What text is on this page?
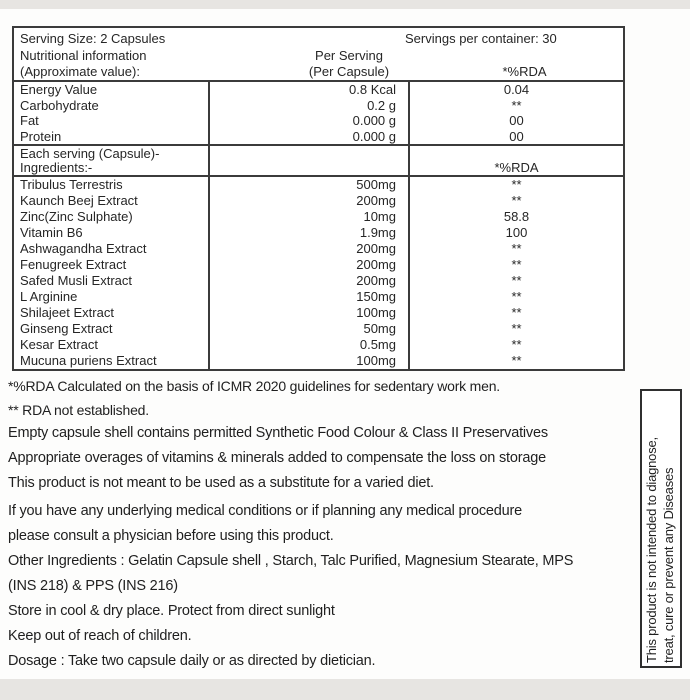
Serving Size: 2 Capsules	Servings per container: 30
Nutritional information	Per Serving
(Approximate value):	(Per Capsule)	*%RDA
Energy Value	0.8 Kcal	0.04
Carbohydrate	0.2 g	**
Fat	0.000 g	00
Protein	0.000 g	00
Each serving (Capsule)-
Ingredients:-	*%RDA
Tribulus Terrestris	500mg	**
Kaunch Beej Extract	200mg	**
Zinc(Zinc Sulphate)	10mg	58.8
Vitamin B6	1.9mg	100
Ashwagandha Extract	200mg	**
Fenugreek Extract	200mg	**
Safed Musli Extract	200mg	**
L Arginine	150mg	**
Shilajeet Extract	100mg	**
Ginseng Extract	50mg	**
Kesar Extract	0.5mg	**
Mucuna puriens Extract	100mg	**
*%RDA Calculated on the basis of ICMR 2020 guidelines for sedentary work men.
** RDA not established.
Empty capsule shell contains permitted Synthetic Food Colour & Class II Preservatives
Appropriate overages of vitamins & minerals added to compensate the loss on storage
This product is not meant to be used as a substitute for a varied diet.
If you have any underlying medical conditions or if planning any medical procedure
please consult a physician before using this product.
Other Ingredients : Gelatin Capsule shell , Starch, Talc Purified, Magnesium Stearate, MPS
(INS 218) & PPS (INS 216)
Store in cool & dry place. Protect from direct sunlight
Keep out of reach of children.
Dosage : Take two capsule daily or as directed by dietician.	This product is not intended to diagnose, treat, cure or prevent any Diseases
